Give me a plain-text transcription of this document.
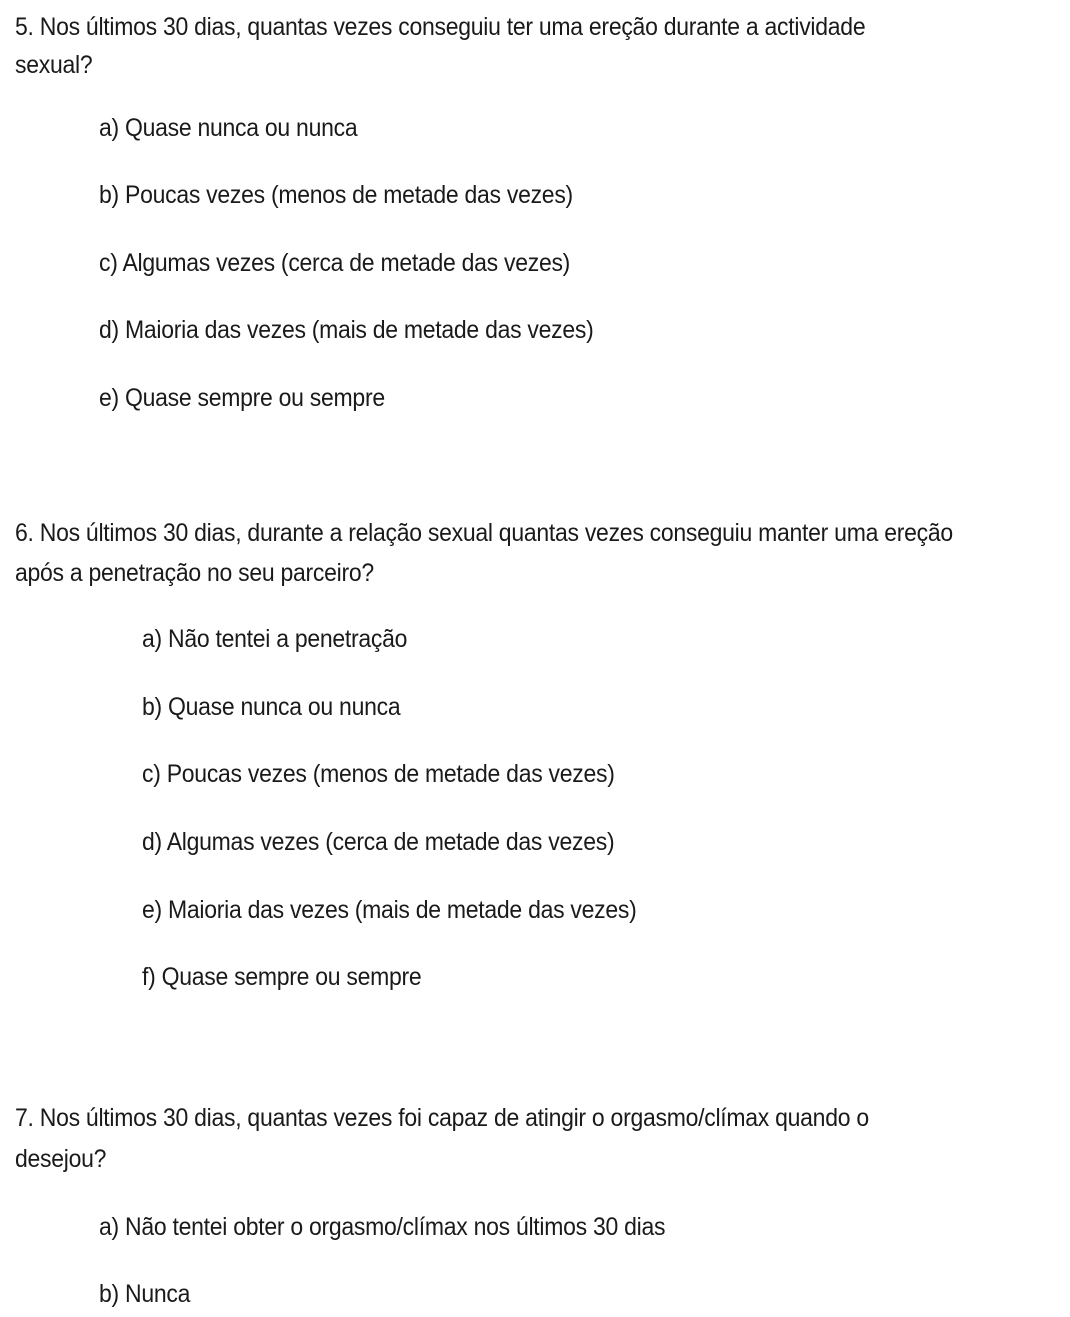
5. Nos últimos 30 dias, quantas vezes conseguiu ter uma ereção durante a actividade

sexual?

a) Quase nunca ou nunca

b) Poucas vezes (menos de metade das vezes)

c) Algumas vezes (cerca de metade das vezes)

d) Maioria das vezes (mais de metade das vezes)

e) Quase sempre ou sempre

6. Nos últimos 30 dias, durante a relação sexual quantas vezes conseguiu manter uma ereção

após a penetração no seu parceiro?

a) Não tentei a penetração

b) Quase nunca ou nunca

c) Poucas vezes (menos de metade das vezes)

d) Algumas vezes (cerca de metade das vezes)

e) Maioria das vezes (mais de metade das vezes)

f) Quase sempre ou sempre

7. Nos últimos 30 dias, quantas vezes foi capaz de atingir o orgasmo/clímax quando o

desejou?

a) Não tentei obter o orgasmo/clímax nos últimos 30 dias

b) Nunca
